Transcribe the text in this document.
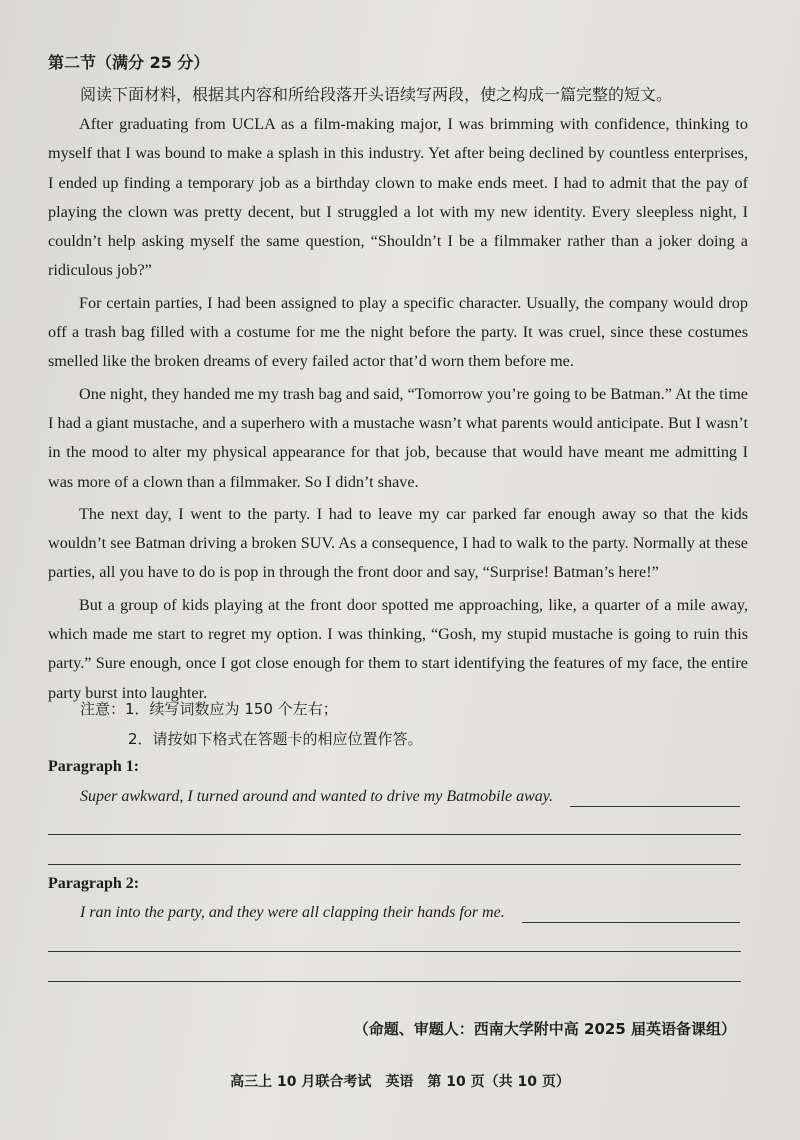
第二节（满分 25 分）
阅读下面材料，根据其内容和所给段落开头语续写两段，使之构成一篇完整的短文。

After graduating from UCLA as a film-making major, I was brimming with confidence, thinking to myself that I was bound to make a splash in this industry. Yet after being declined by countless enterprises, I ended up finding a temporary job as a birthday clown to make ends meet. I had to admit that the pay of playing the clown was pretty decent, but I struggled a lot with my new identity. Every sleepless night, I couldn’t help asking myself the same question, “Shouldn’t I be a filmmaker rather than a joker doing a ridiculous job?”

For certain parties, I had been assigned to play a specific character. Usually, the company would drop off a trash bag filled with a costume for me the night before the party. It was cruel, since these costumes smelled like the broken dreams of every failed actor that’d worn them before me.

One night, they handed me my trash bag and said, “Tomorrow you’re going to be Batman.” At the time I had a giant mustache, and a superhero with a mustache wasn’t what parents would anticipate. But I wasn’t in the mood to alter my physical appearance for that job, because that would have meant me admitting I was more of a clown than a filmmaker. So I didn’t shave.

The next day, I went to the party. I had to leave my car parked far enough away so that the kids wouldn’t see Batman driving a broken SUV. As a consequence, I had to walk to the party. Normally at these parties, all you have to do is pop in through the front door and say, “Surprise! Batman’s here!”

But a group of kids playing at the front door spotted me approaching, like, a quarter of a mile away, which made me start to regret my option. I was thinking, “Gosh, my stupid mustache is going to ruin this party.” Sure enough, once I got close enough for them to start identifying the features of my face, the entire party burst into laughter.

注意：1．续写词数应为 150 个左右；
2．请按如下格式在答题卡的相应位置作答。
Paragraph 1:
Super awkward, I turned around and wanted to drive my Batmobile away.
Paragraph 2:
I ran into the party, and they were all clapping their hands for me.
（命题、审题人：西南大学附中高 2025 届英语备课组）
高三上 10 月联合考试　英语　第 10 页（共 10 页）
